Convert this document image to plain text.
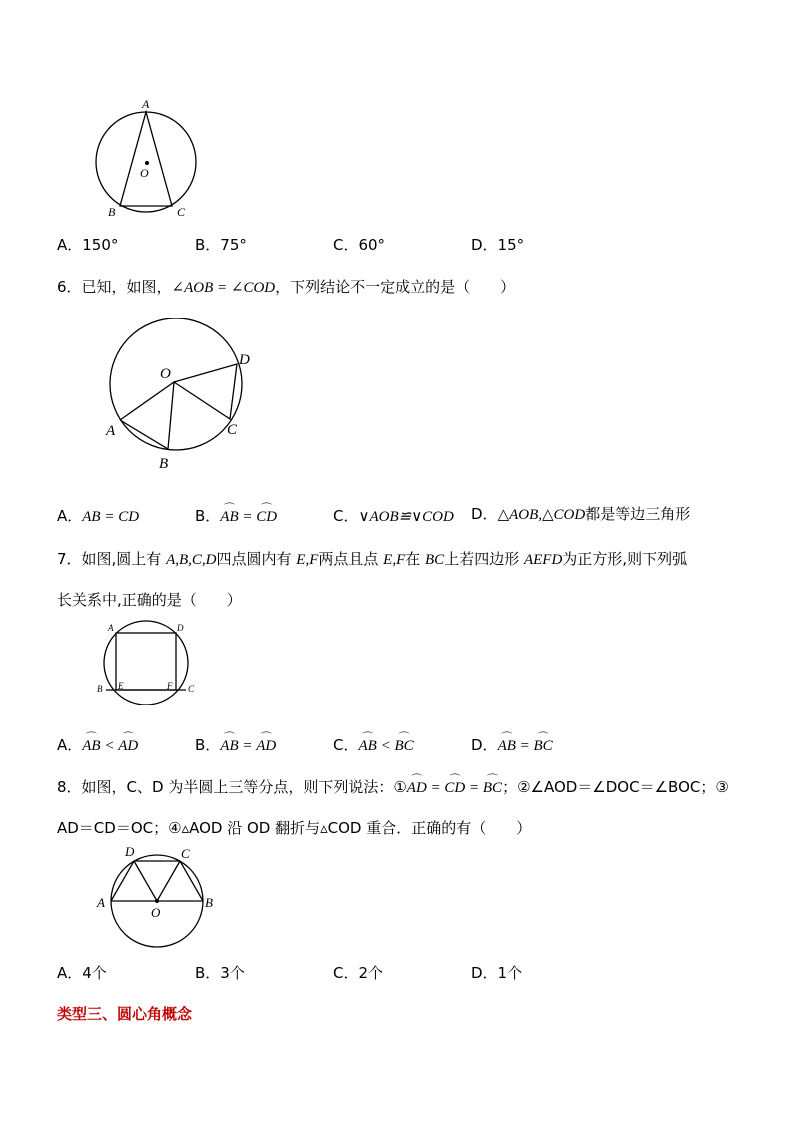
A
O
B	C
A．150°	B．75°	C．60°	D．15°
6．已知，如图，∠AOB = ∠COD，下列结论不一定成立的是（　　）
O
D
A	C
B
A．AB = CD	B．⌒ AB = ⌒ CD	C．∨AOB≌∨COD D．△AOB,△COD都是等边三角形
7．如图,圆上有 A,B,C,D四点圆内有 E,F两点且点 E,F在 BC上若四边形 AEFD为正方形,则下列弧
长关系中,正确的是（　　）
A	D
B E	F C
A．⌒ AB < ⌒ AD	B．⌒ AB = ⌒ AD	C．⌒ AB < ⌒ BC	D．⌒ AB = ⌒ BC
8．如图，C、D 为半圆上三等分点，则下列说法：①⌒ AD = ⌒ CD = ⌒ BC；②∠AOD＝∠DOC＝∠BOC；③
AD＝CD＝OC；④▵AOD 沿 OD 翻折与▵COD 重合．正确的有（　　）
D	C
A
O
B
A．4个	B．3个	C．2个	D．1个
类型三、圆心角概念
